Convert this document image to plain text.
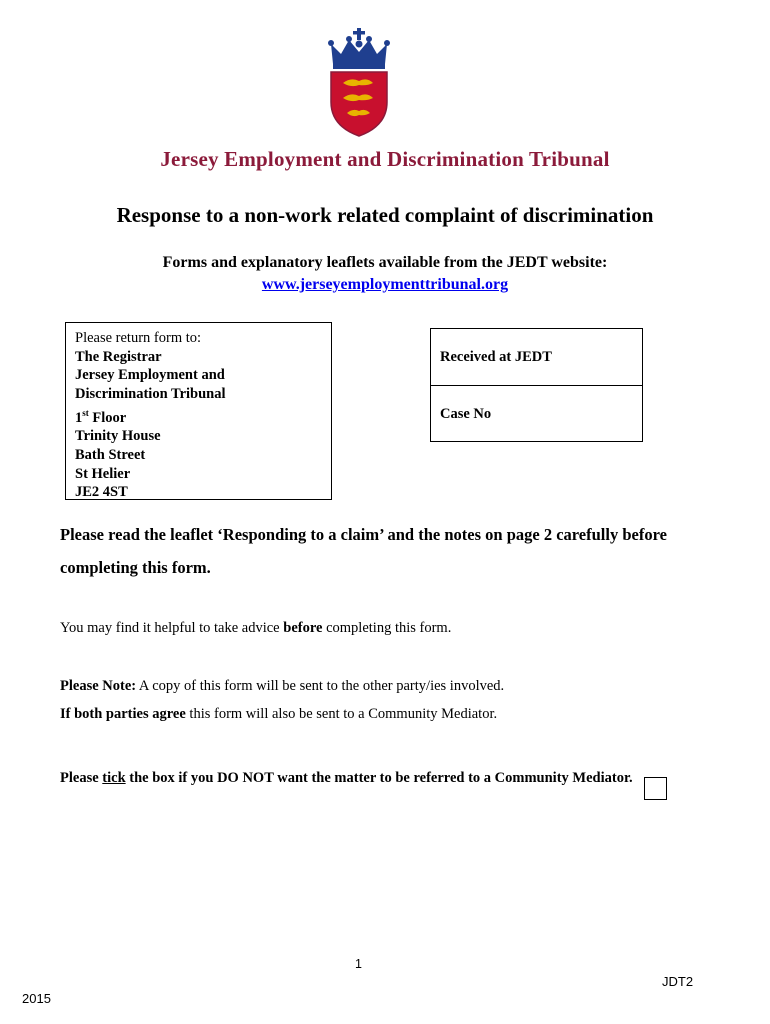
Jersey Employment and Discrimination Tribunal
Response to a non-work related complaint of discrimination
Forms and explanatory leaflets available from the JEDT website:
www.jerseyemploymenttribunal.org
Please return form to:
The Registrar
Jersey Employment and
Discrimination Tribunal
1st Floor
Trinity House
Bath Street
St Helier
JE2 4ST
Received at JEDT
Case No
Please read the leaflet ‘Responding to a claim’ and the notes on page 2 carefully before completing this form.
You may find it helpful to take advice before completing this form.
Please Note: A copy of this form will be sent to the other party/ies involved.
If both parties agree this form will also be sent to a Community Mediator.
Please tick the box if you DO NOT want the matter to be referred to a Community Mediator.
1
JDT2
2015
